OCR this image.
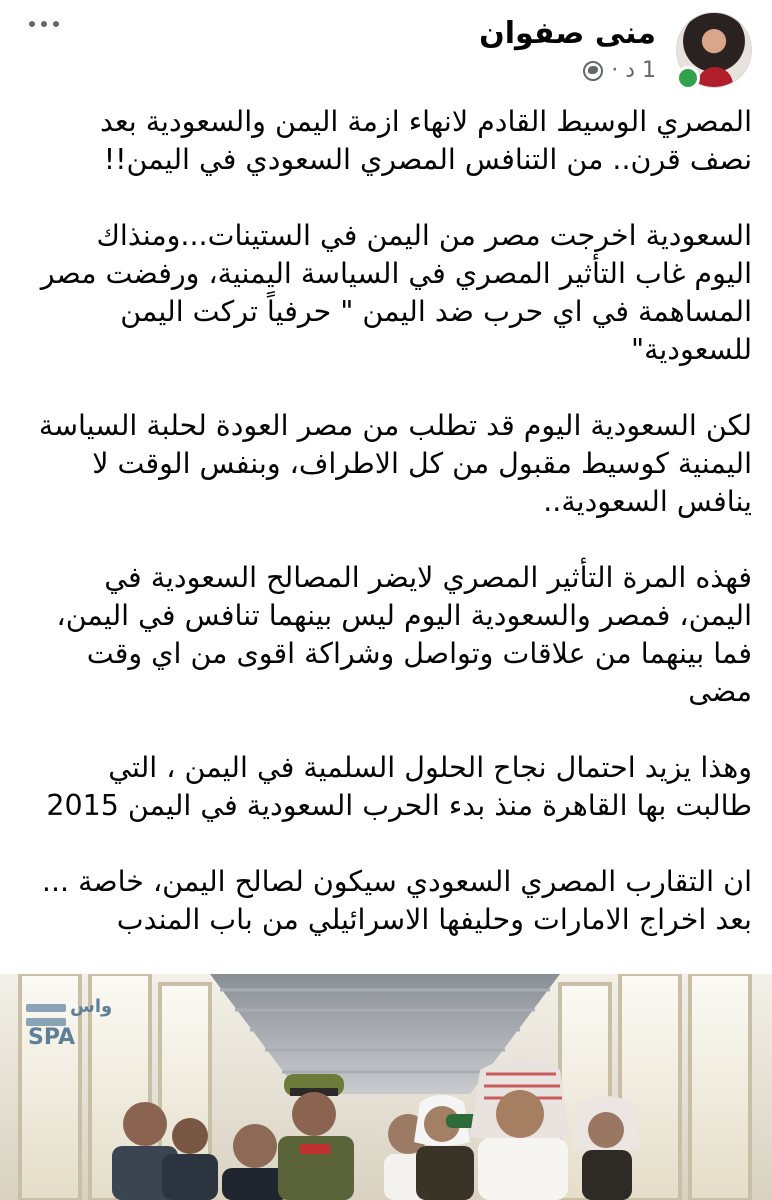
منى صفوان
1 د ·

المصري الوسيط القادم لانهاء ازمة اليمن والسعودية بعد
نصف قرن.. من التنافس المصري السعودي في اليمن!!

السعودية اخرجت مصر من اليمن في الستينات...ومنذاك
اليوم غاب التأثير المصري في السياسة اليمنية، ورفضت مصر
المساهمة في اي حرب ضد اليمن " حرفياً تركت اليمن
للسعودية"

لكن السعودية اليوم قد تطلب من مصر العودة لحلبة السياسة
اليمنية كوسيط مقبول من كل الاطراف، وبنفس الوقت لا
ينافس السعودية..

فهذه المرة التأثير المصري لايضر المصالح السعودية في
اليمن، فمصر والسعودية اليوم ليس بينهما تنافس في اليمن،
فما بينهما من علاقات وتواصل وشراكة اقوى من اي وقت
مضى

وهذا يزيد احتمال نجاح الحلول السلمية في اليمن ، التي
طالبت بها القاهرة منذ بدء الحرب السعودية في اليمن 2015

ان التقارب المصري السعودي سيكون لصالح اليمن، خاصة ...
بعد اخراج الامارات وحليفها الاسرائيلي من باب المندب

واس
SPA
